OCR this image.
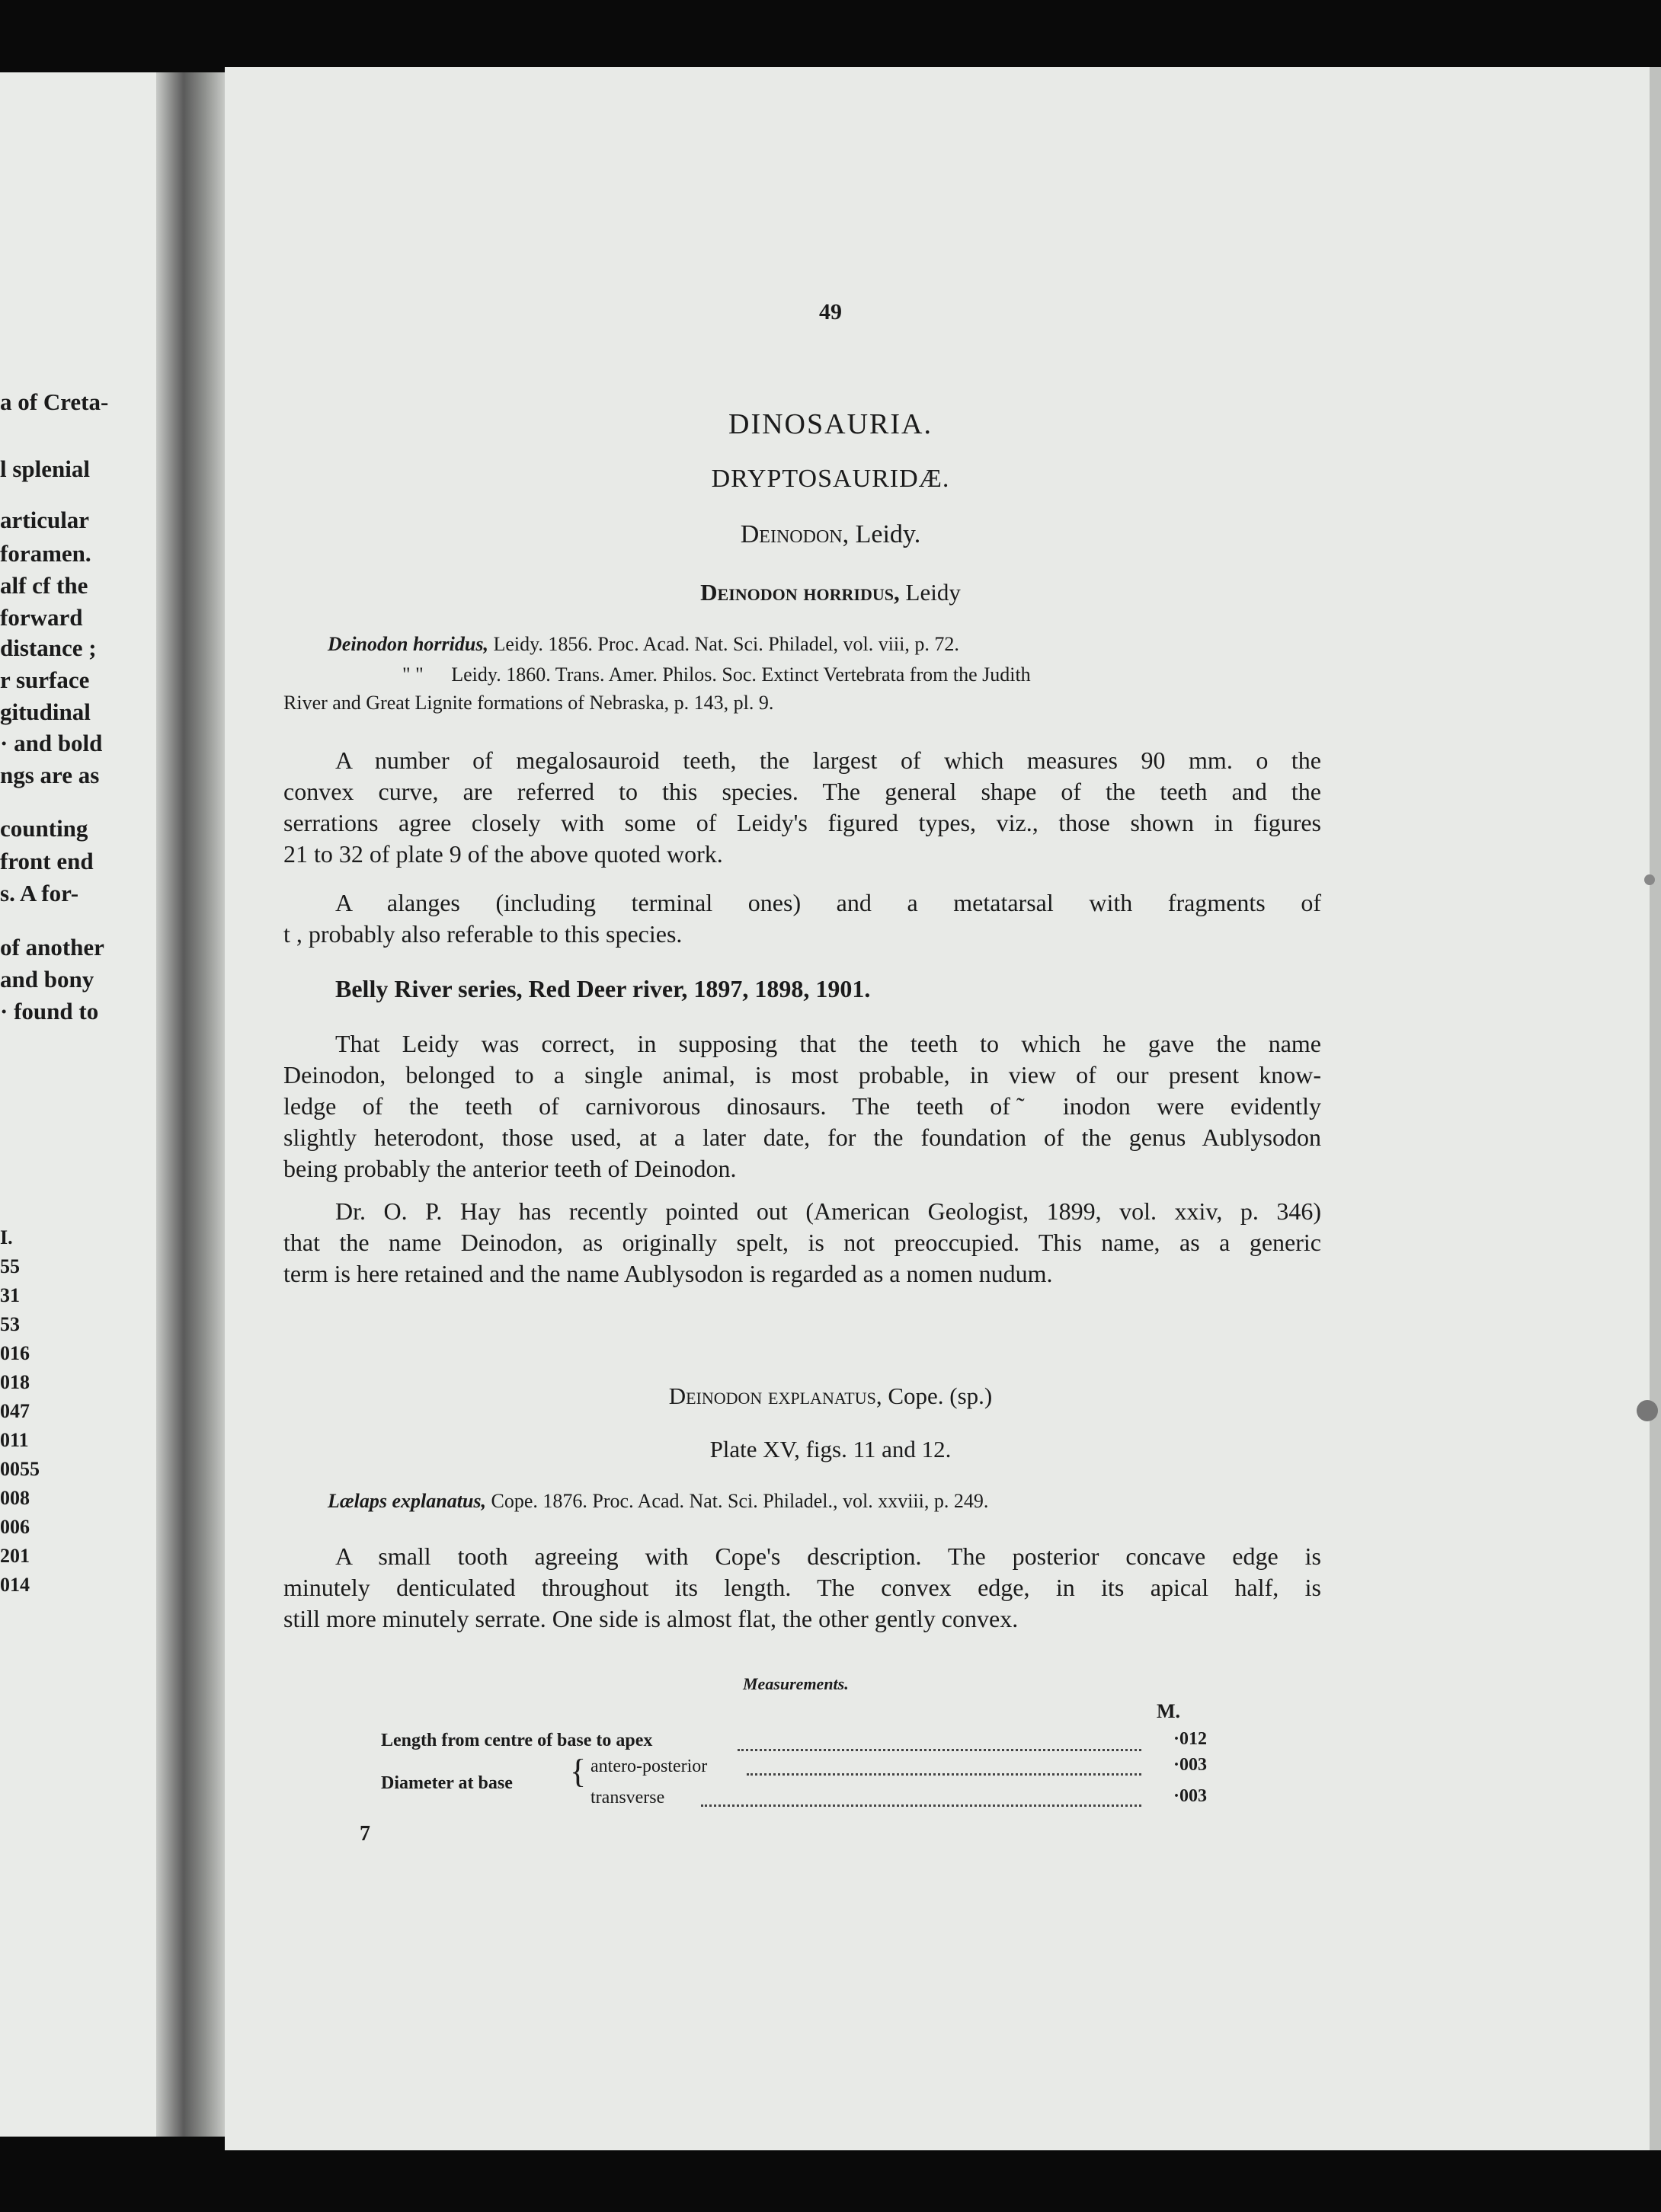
a of Creta-
l splenial
articular
foramen.
alf cf the
forward
distance ;
r surface
gitudinal
· and bold
ngs are as
counting
front end
s. A for-
of another
and bony
· found to
I.
55
31
53
016
018
047
011
0055
008
006
201
014
49
DINOSAURIA.
DRYPTOSAURIDÆ.
Deinodon, Leidy.
Deinodon horridus, Leidy
Deinodon horridus, Leidy. 1856. Proc. Acad. Nat. Sci. Philadel, vol. viii, p. 72.
" " Leidy. 1860. Trans. Amer. Philos. Soc. Extinct Vertebrata from the Judith
River and Great Lignite formations of Nebraska, p. 143, pl. 9.
A number of megalosauroid teeth, the largest of which measures 90 mm. o the
convex curve, are referred to this species. The general shape of the teeth and the
serrations agree closely with some of Leidy's figured types, viz., those shown in figures
21 to 32 of plate 9 of the above quoted work.
A alanges (including terminal ones) and a metatarsal with fragments of
t , probably also referable to this species.
Belly River series, Red Deer river, 1897, 1898, 1901.
That Leidy was correct, in supposing that the teeth to which he gave the name
Deinodon, belonged to a single animal, is most probable, in view of our present know-
ledge of the teeth of carnivorous dinosaurs. The teeth of ̃ inodon were evidently
slightly heterodont, those used, at a later date, for the foundation of the genus Aublysodon
being probably the anterior teeth of Deinodon.
Dr. O. P. Hay has recently pointed out (American Geologist, 1899, vol. xxiv, p. 346)
that the name Deinodon, as originally spelt, is not preoccupied. This name, as a generic
term is here retained and the name Aublysodon is regarded as a nomen nudum.
Deinodon explanatus, Cope. (sp.)
Plate XV, figs. 11 and 12.
Lælaps explanatus, Cope. 1876. Proc. Acad. Nat. Sci. Philadel., vol. xxviii, p. 249.
A small tooth agreeing with Cope's description. The posterior concave edge is
minutely denticulated throughout its length. The convex edge, in its apical half, is
still more minutely serrate. One side is almost flat, the other gently convex.
Measurements.
M.
Length from centre of base to apex	·012
Diameter at base { antero-posterior	·003
transverse	·003
7
